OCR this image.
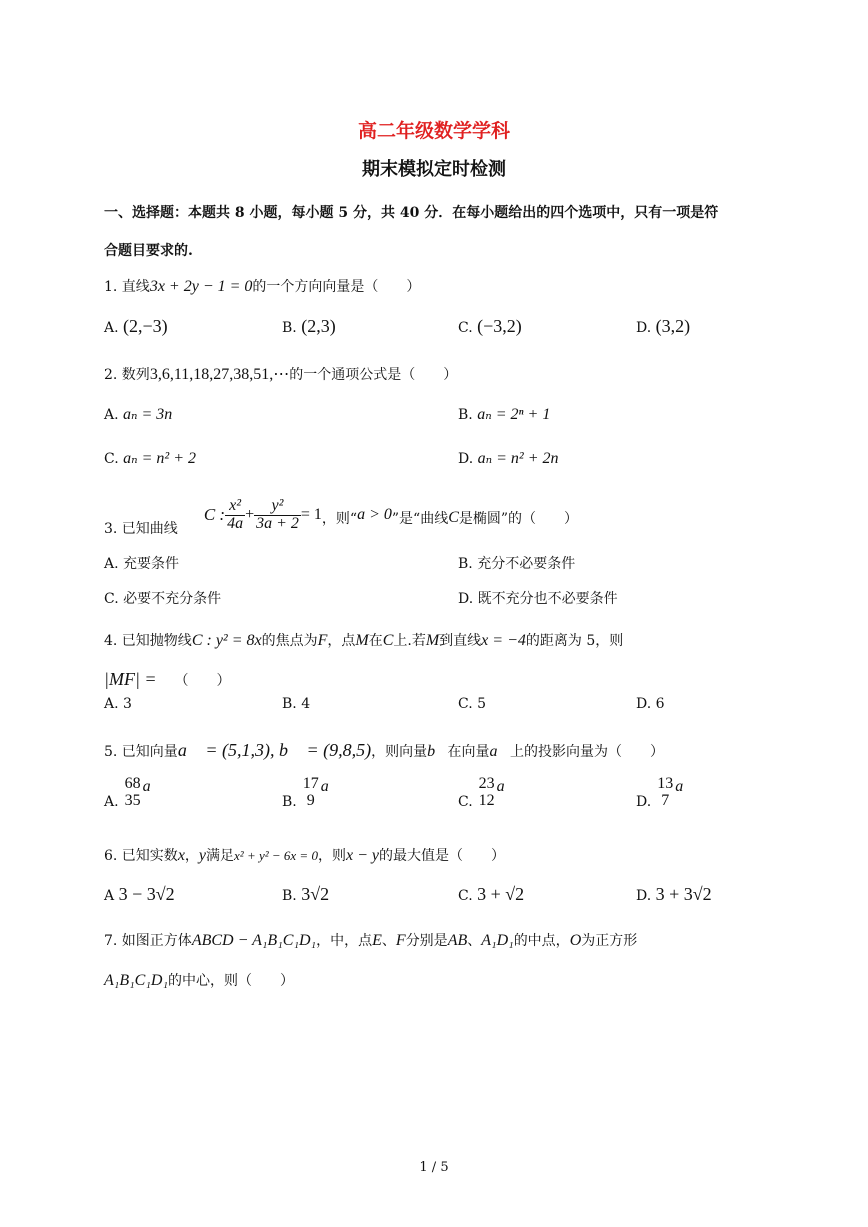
高二年级数学学科
期末模拟定时检测
一、选择题：本题共 8 小题，每小题 5 分，共 40 分．在每小题给出的四个选项中，只有一项是符
合题目要求的.
1. 直线3x + 2y − 1 = 0的一个方向向量是（　　）
A. (2,−3)	B. (2,3)	C. (−3,2)	D. (3,2)
2. 数列3,6,11,18,27,38,51,⋯的一个通项公式是（　　）
A. aₙ = 3n	B. aₙ = 2ⁿ + 1
C. aₙ = n² + 2	D. aₙ = n² + 2n
3. 已知曲线
C : $\frac{\text{x²}}{4a} + \frac{\text{y²}}{3a + 2} = 1$ ，则“ a > 0 ”是“曲线 C 是椭圆”的（　　）
A. 充要条件	B. 充分不必要条件
C. 必要不充分条件	D. 既不充分也不必要条件
4. 已知抛物线C : y² = 8x的焦点为F，点M在C上.若M到直线x = −4的距离为 5，则
|MF| = （　　）
A. 3	B. 4	C. 5	D. 6
5. 已知向量a⃗ = (5,1,3), b⃗ = (9,8,5)，则向量b⃗在向量a⃗上的投影向量为（　　）
A.
68
35
a⃗
B.
17
9
a⃗
C.
23
12
a⃗
D.
13
7
a⃗
6. 已知实数x，y满足x² + y² − 6x = 0，则x − y的最大值是（　　）
A 3 − 3√2	B. 3√2	C. 3 + √2	D. 3 + 3√2
7. 如图正方体ABCD − A₁B₁C₁D₁，中，点E、F分别是AB、A₁D₁的中点，O为正方形
A₁B₁C₁D₁的中心，则（　　）
1 / 5
